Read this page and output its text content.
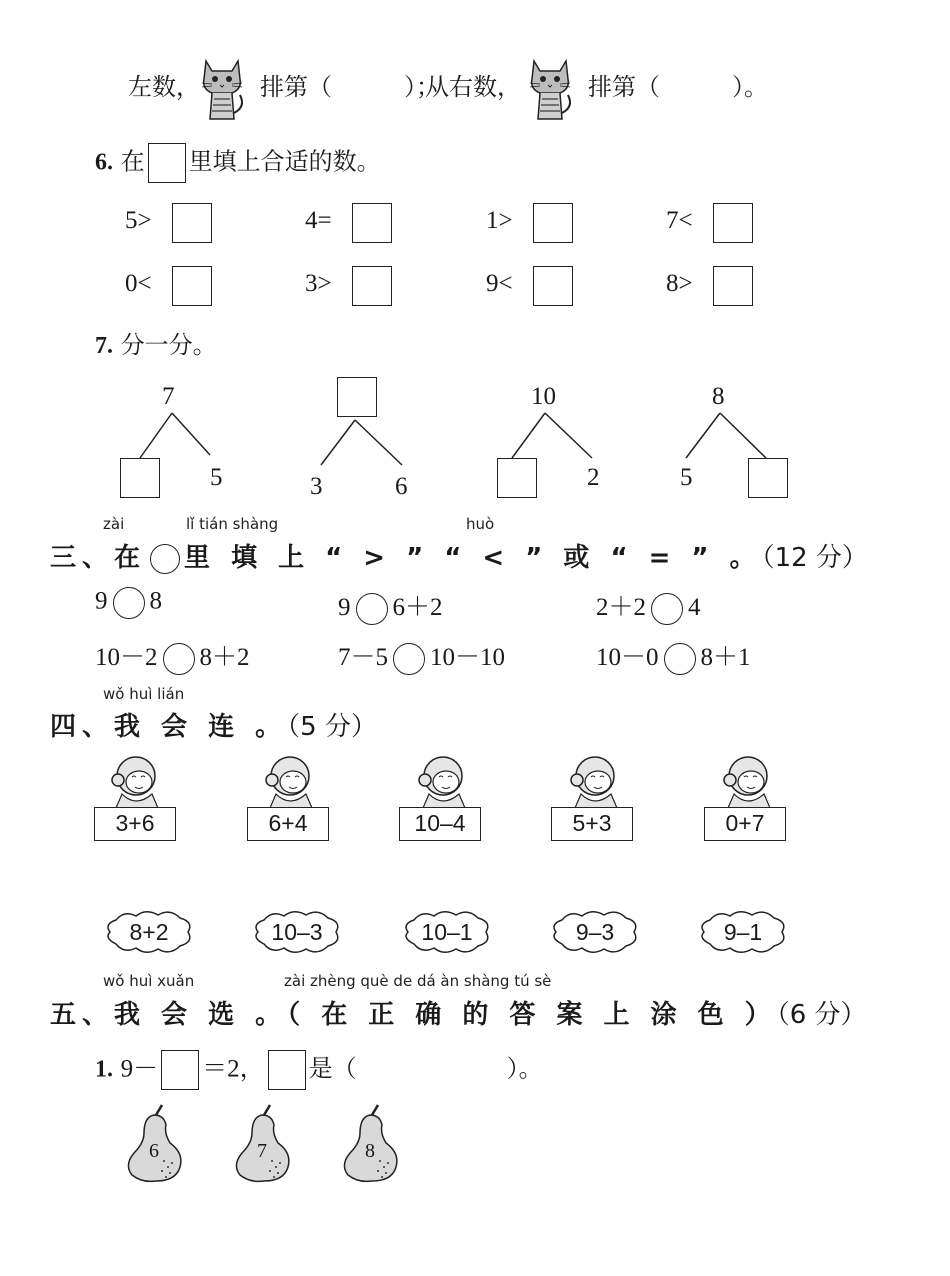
左数，	排第（　　　）；
从右数，	排第（　　　）。
6. 在 里填上合适的数。
5>	4=	1>	7<
0<	3>	9<	8>
7. 分一分。
7
5	3	6
10
2
8
5
zài	lǐ tián shàng	huò
三、在 里 填 上 “ > ” “ < ” 或 “ = ” 。（12 分）
9 8	9 6＋2	2＋2 4
10－2 8＋2	7－5 10－10	10－0 8＋1
wǒ huì lián
四、我 会 连 。（5 分）
3+6	6+4	10–4	5+3	0+7
8+2	10–3	10–1	9–3	9–1
wǒ huì xuǎn	zài zhèng què de dá àn shàng tú sè
五、我 会 选 。（ 在 正 确 的 答 案 上 涂 色 ）（6 分）
1. 9－ ＝2， 是（	）。
6	7	8
